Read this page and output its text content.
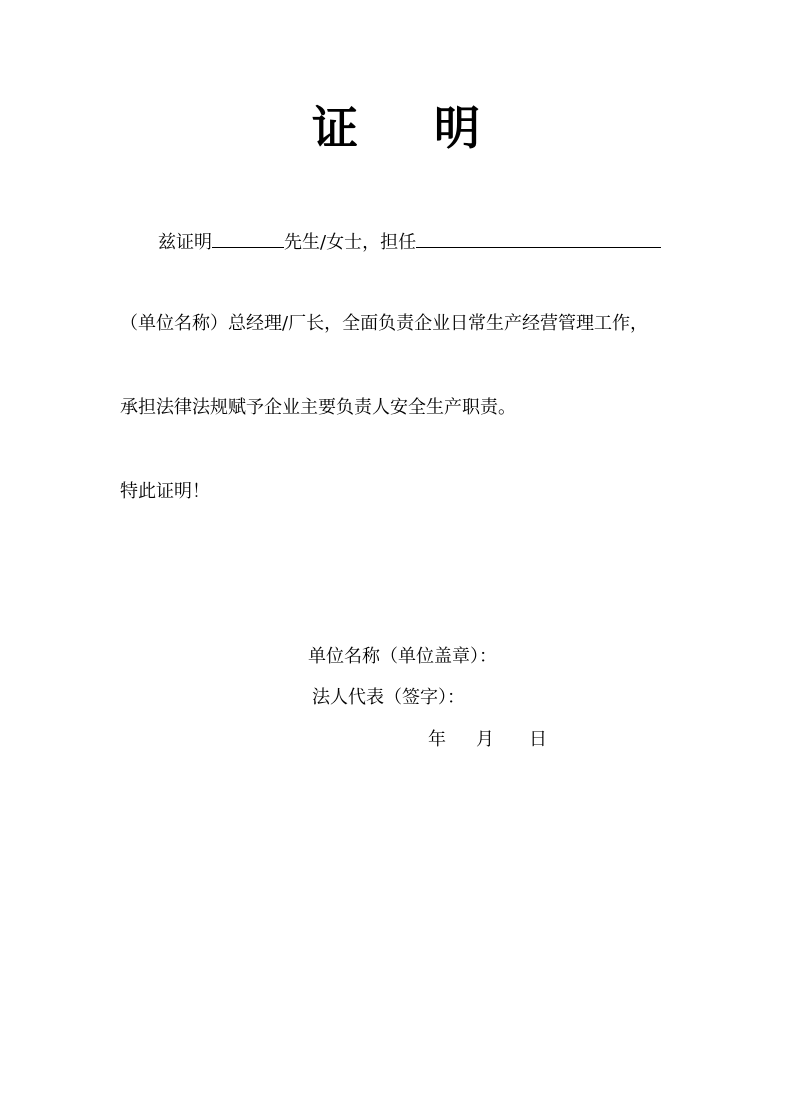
证 明
兹证明	先生/女士，担任
（单位名称）总经理/厂长，全面负责企业日常生产经营管理工作，
承担法律法规赋予企业主要负责人安全生产职责。
特此证明！
单位名称（单位盖章）：
法人代表（签字）：
年 月 日
